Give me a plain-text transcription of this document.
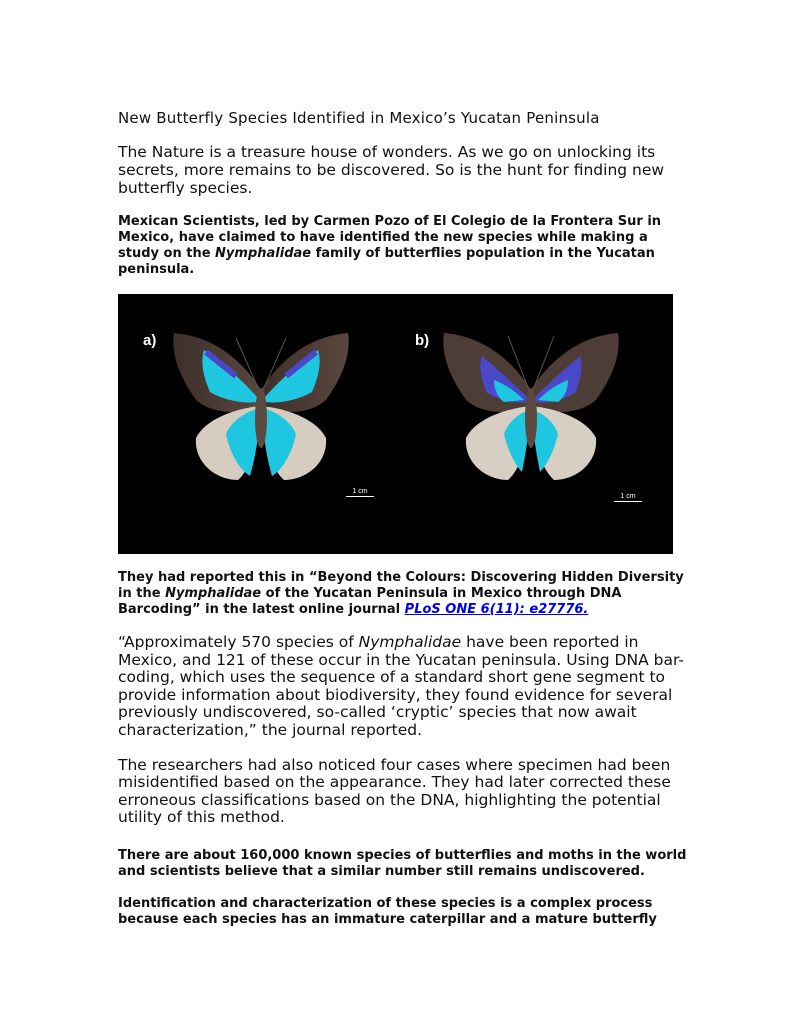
New Butterfly Species Identified in Mexico’s Yucatan Peninsula

The Nature is a treasure house of wonders. As we go on unlocking its secrets, more remains to be discovered. So is the hunt for finding new butterfly species.

Mexican Scientists, led by Carmen Pozo of El Colegio de la Frontera Sur in Mexico, have claimed to have identified the new species while making a study on the Nymphalidae family of butterflies population in the Yucatan peninsula.

a)	b)
1 cm
1 cm

They had reported this in “Beyond the Colours: Discovering Hidden Diversity in the Nymphalidae of the Yucatan Peninsula in Mexico through DNA Barcoding” in the latest online journal PLoS ONE 6(11): e27776.

“Approximately 570 species of Nymphalidae have been reported in Mexico, and 121 of these occur in the Yucatan peninsula. Using DNA bar-coding, which uses the sequence of a standard short gene segment to provide information about biodiversity, they found evidence for several previously undiscovered, so-called ‘cryptic’ species that now await characterization,” the journal reported.

The researchers had also noticed four cases where specimen had been misidentified based on the appearance. They had later corrected these erroneous classifications based on the DNA, highlighting the potential utility of this method.

There are about 160,000 known species of butterflies and moths in the world and scientists believe that a similar number still remains undiscovered.

Identification and characterization of these species is a complex process because each species has an immature caterpillar and a mature butterfly
